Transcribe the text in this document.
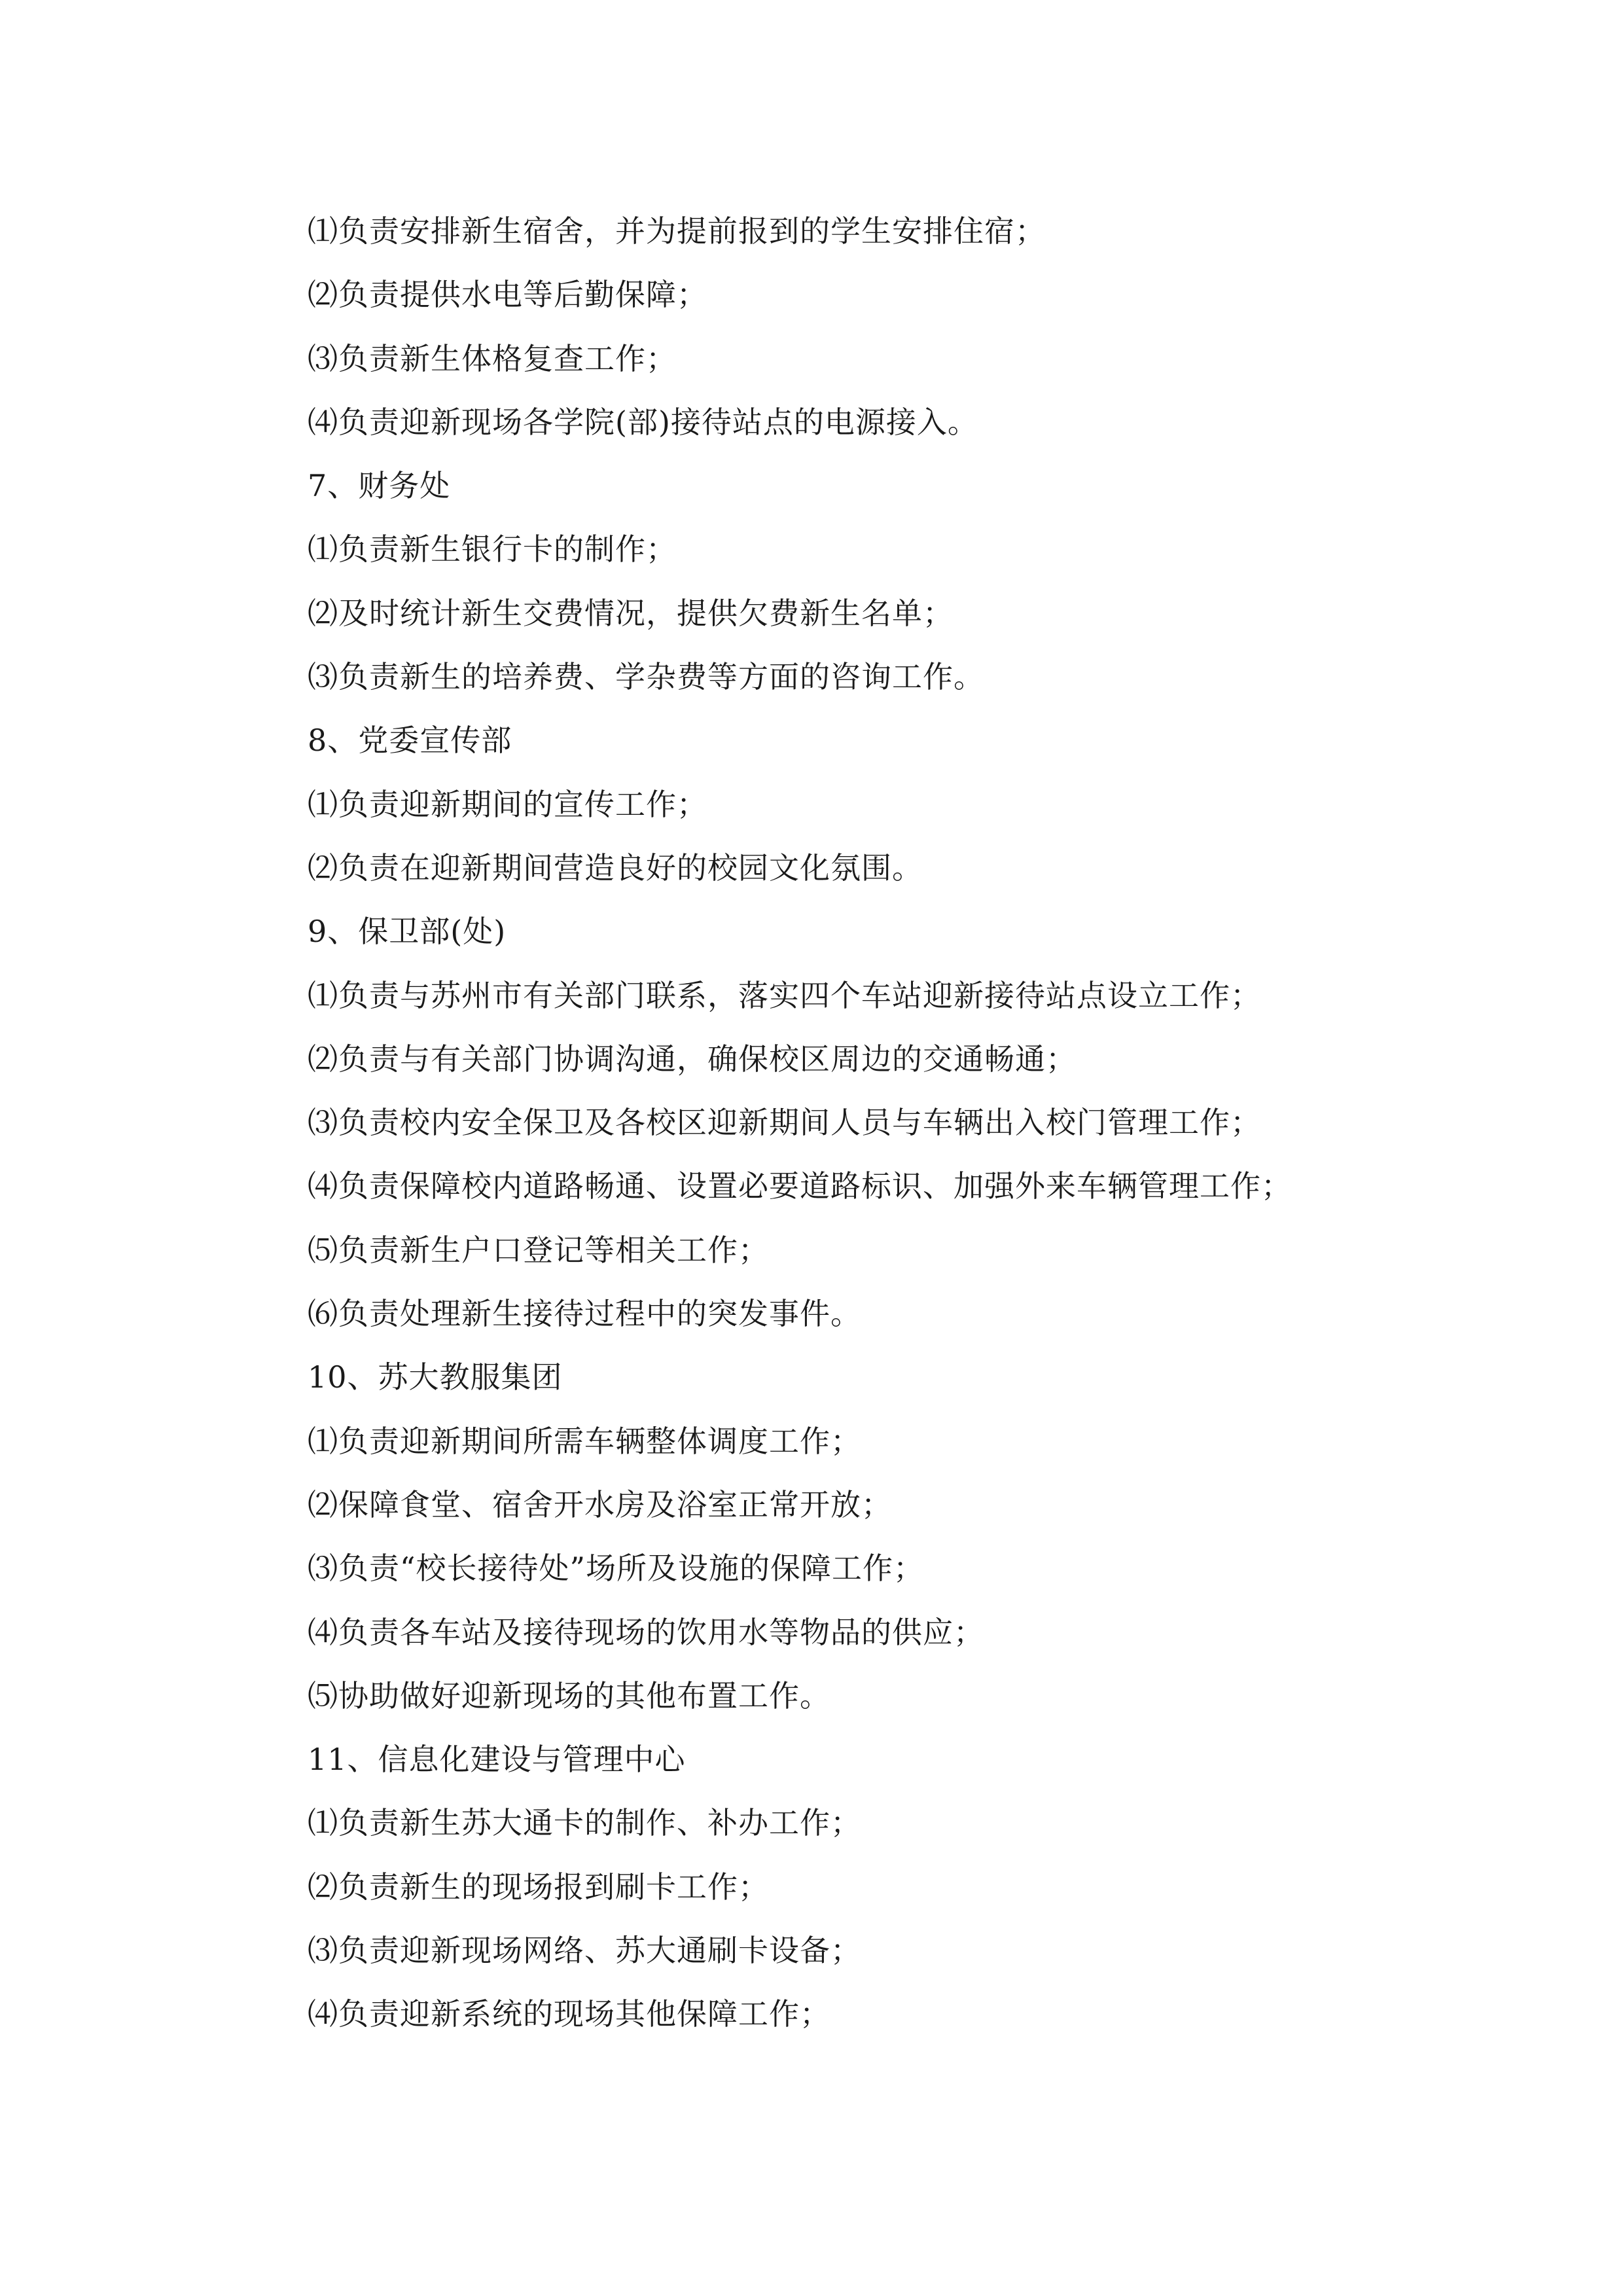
⑴负责安排新生宿舍，并为提前报到的学生安排住宿；
⑵负责提供水电等后勤保障；
⑶负责新生体格复查工作；
⑷负责迎新现场各学院(部)接待站点的电源接入。
7、财务处
⑴负责新生银行卡的制作；
⑵及时统计新生交费情况，提供欠费新生名单；
⑶负责新生的培养费、学杂费等方面的咨询工作。
8、党委宣传部
⑴负责迎新期间的宣传工作；
⑵负责在迎新期间营造良好的校园文化氛围。
9、保卫部(处)
⑴负责与苏州市有关部门联系，落实四个车站迎新接待站点设立工作；
⑵负责与有关部门协调沟通，确保校区周边的交通畅通；
⑶负责校内安全保卫及各校区迎新期间人员与车辆出入校门管理工作；
⑷负责保障校内道路畅通、设置必要道路标识、加强外来车辆管理工作；
⑸负责新生户口登记等相关工作；
⑹负责处理新生接待过程中的突发事件。
10、苏大教服集团
⑴负责迎新期间所需车辆整体调度工作；
⑵保障食堂、宿舍开水房及浴室正常开放；
⑶负责“校长接待处”场所及设施的保障工作；
⑷负责各车站及接待现场的饮用水等物品的供应；
⑸协助做好迎新现场的其他布置工作。
11、信息化建设与管理中心
⑴负责新生苏大通卡的制作、补办工作；
⑵负责新生的现场报到刷卡工作；
⑶负责迎新现场网络、苏大通刷卡设备；
⑷负责迎新系统的现场其他保障工作；
